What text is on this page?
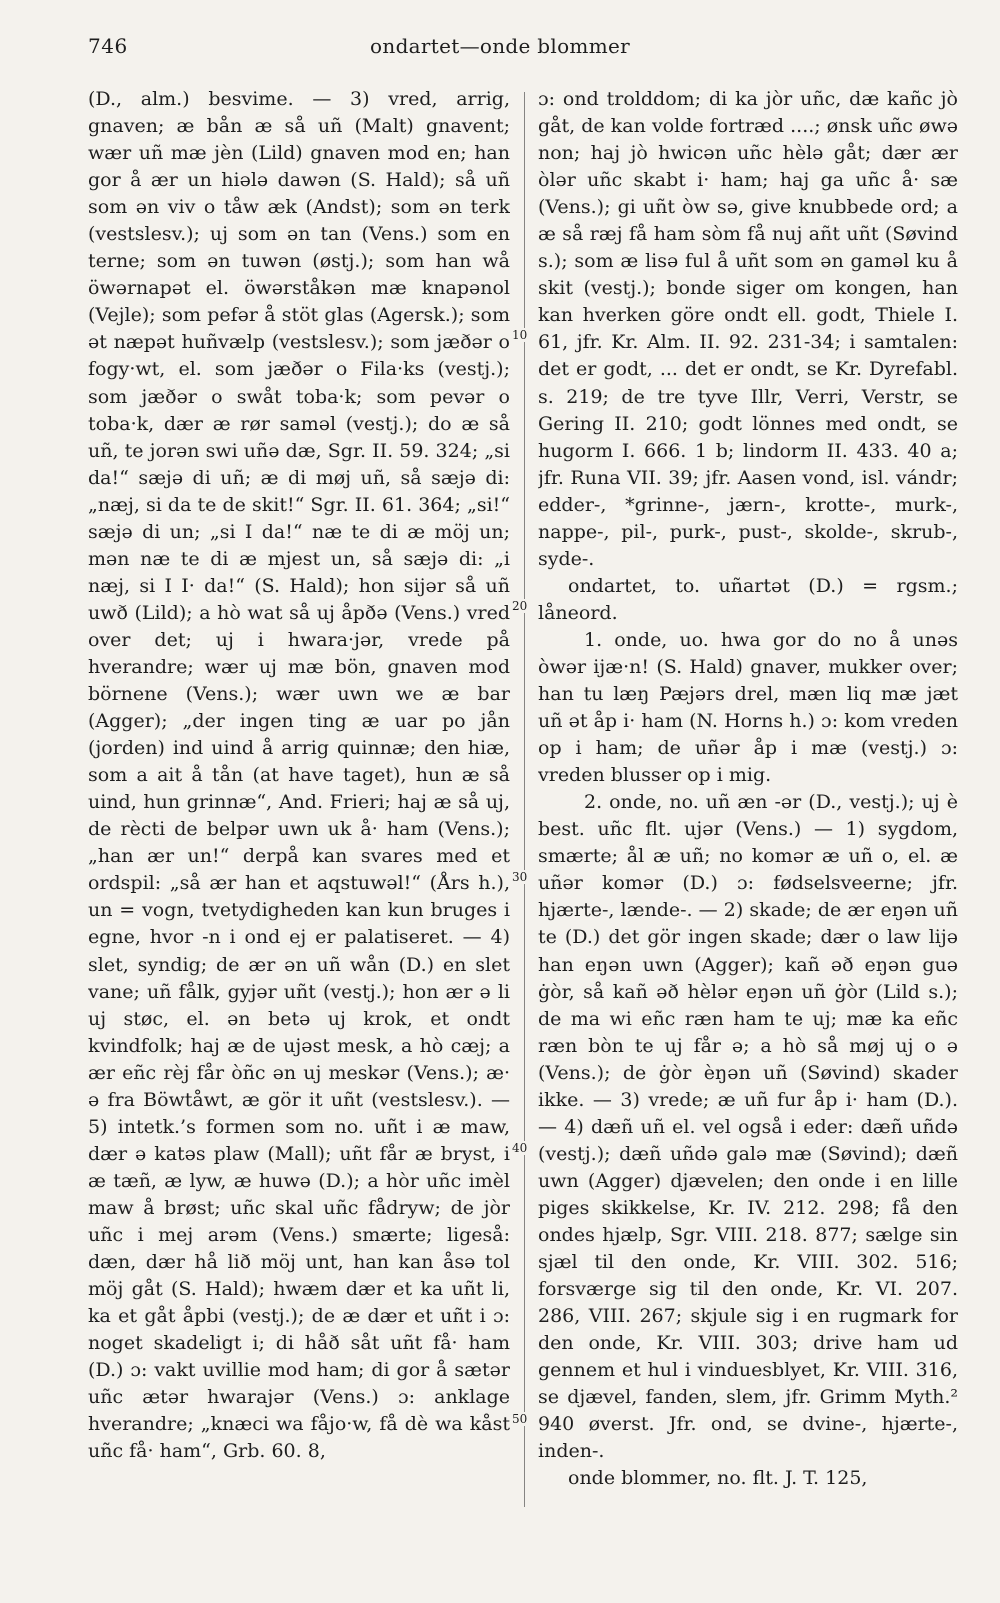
746	ondartet—onde blommer

(D., alm.) besvime. — 3) vred, arrig, gnaven; æ bån æ så uñ (Malt) gnavent; wær uñ mæ jèn (Lild) gnaven mod en; han gor å ær un hiələ dawən (S. Hald); så uñ som ən viv o tåw æk (Andst); som ən terk (vestslesv.); uj som ən tan (Vens.) som en terne; som ən tuwən (østj.); som han wå öwərnapət el. öwərståkən mæ knapənol (Vejle); som pefər å stöt glas (Agersk.); som ət næpət huñvælp (vestslesv.); som jæðər o fogy·wt, el. som jæðər o Fila·ks (vestj.); som jæðər o swåt toba·k; som pevər o toba·k, dær æ rør saməl (vestj.); do æ så uñ, te jorən swi uñə dæ, Sgr. II. 59. 324; „si da!“ sæjə di uñ; æ di møj uñ, så sæjə di: „næj, si da te de skit!“ Sgr. II. 61. 364; „si!“ sæjə di un; „si I da!“ næ te di æ möj un; mən næ te di æ mjest un, så sæjə di: „i næj, si I I· da!“ (S. Hald); hon sijər så uñ uwð (Lild); a hò wat så uj åpðə (Vens.) vred over det; uj i hwara·jər, vrede på hverandre; wær uj mæ bön, gnaven mod börnene (Vens.); wær uwn we æ bar (Agger); „der ingen ting æ uar po jån (jorden) ind uind å arrig quinnæ; den hiæ, som a ait å tån (at have taget), hun æ så uind, hun grinnæ“, And. Frieri; haj æ så uj, de rècti de belpər uwn uk å· ham (Vens.); „han ær un!“ derpå kan svares med et ordspil: „så ær han et aqstuwəl!“ (Års h.), un = vogn, tvetydigheden kan kun bruges i egne, hvor -n i ond ej er palatiseret. — 4) slet, syndig; de ær ən uñ wån (D.) en slet vane; uñ fålk, gyjər uñt (vestj.); hon ær ə li uj støc, el. ən betə uj krok, et ondt kvindfolk; haj æ de ujəst mesk, a hò cæj; a ær eñc rèj får òñc ən uj meskər (Vens.); æ· ə fra Böwtåwt, æ gör it uñt (vestslesv.). — 5) intetk.’s formen som no. uñt i æ maw, dær ə katəs plaw (Mall); uñt får æ bryst, i æ tæñ, æ lyw, æ huwə (D.); a hòr uñc imèl maw å brøst; uñc skal uñc fådryw; de jòr uñc i mej arəm (Vens.) smærte; ligeså: dæn, dær hå lið möj unt, han kan åsə tol möj gåt (S. Hald); hwæm dær et ka uñt li, ka et gåt åpbi (vestj.); de æ dær et uñt i ɔ: noget skadeligt i; di håð såt uñt få· ham (D.) ɔ: vakt uvillie mod ham; di gor å sætər uñc ætər hwarajər (Vens.) ɔ: anklage hverandre; „knæci wa fåjo·w, få dè wa kåst uñc få· ham“, Grb. 60. 8,

10
20
30
40
50

ɔ: ond trolddom; di ka jòr uñc, dæ kañc jò gåt, de kan volde fortræd ....; ønsk uñc øwə non; haj jò hwicən uñc hèlə gåt; dær ær òlər uñc skabt i· ham; haj ga uñc å· sæ (Vens.); gi uñt òw sə, give knubbede ord; a æ så ræj få ham sòm få nuj añt uñt (Søvind s.); som æ lisə ful å uñt som ən gaməl ku å skit (vestj.); bonde siger om kongen, han kan hverken göre ondt ell. godt, Thiele I. 61, jfr. Kr. Alm. II. 92. 231-34; i samtalen: det er godt, ... det er ondt, se Kr. Dyrefabl. s. 219; de tre tyve Illr, Verri, Verstr, se Gering II. 210; godt lönnes med ondt, se hugorm I. 666. 1 b; lindorm II. 433. 40 a; jfr. Runa VII. 39; jfr. Aasen vond, isl. vándr; edder-, *grinne-, jærn-, krotte-, murk-, nappe-, pil-, purk-, pust-, skolde-, skrub-, syde-.

ondartet, to. uñartət (D.) = rgsm.; låneord.

1. onde, uo. hwa gor do no å unəs òwər ijæ·n! (S. Hald) gnaver, mukker over; han tu læŋ Pæjərs drel, mæn liq mæ jæt uñ ət åp i· ham (N. Horns h.) ɔ: kom vreden op i ham; de uñər åp i mæ (vestj.) ɔ: vreden blusser op i mig.

2. onde, no. uñ æn -ər (D., vestj.); uj è best. uñc flt. ujər (Vens.) — 1) sygdom, smærte; ål æ uñ; no komər æ uñ o, el. æ uñər komər (D.) ɔ: fødselsveerne; jfr. hjærte-, lænde-. — 2) skade; de ær eŋən uñ te (D.) det gör ingen skade; dær o law lijə han eŋən uwn (Agger); kañ əð eŋən guə ġòr, så kañ əð hèlər eŋən uñ ġòr (Lild s.); de ma wi eñc ræn ham te uj; mæ ka eñc ræn bòn te uj får ə; a hò så møj uj o ə (Vens.); de ġòr èŋən uñ (Søvind) skader ikke. — 3) vrede; æ uñ fur åp i· ham (D.). — 4) dæñ uñ el. vel også i eder: dæñ uñdə (vestj.); dæñ uñdə galə mæ (Søvind); dæñ uwn (Agger) djævelen; den onde i en lille piges skikkelse, Kr. IV. 212. 298; få den ondes hjælp, Sgr. VIII. 218. 877; sælge sin sjæl til den onde, Kr. VIII. 302. 516; forsværge sig til den onde, Kr. VI. 207. 286, VIII. 267; skjule sig i en rugmark for den onde, Kr. VIII. 303; drive ham ud gennem et hul i vinduesblyet, Kr. VIII. 316, se djævel, fanden, slem, jfr. Grimm Myth.² 940 øverst. Jfr. ond, se dvine-, hjærte-, inden-.

onde blommer, no. flt. J. T. 125,
